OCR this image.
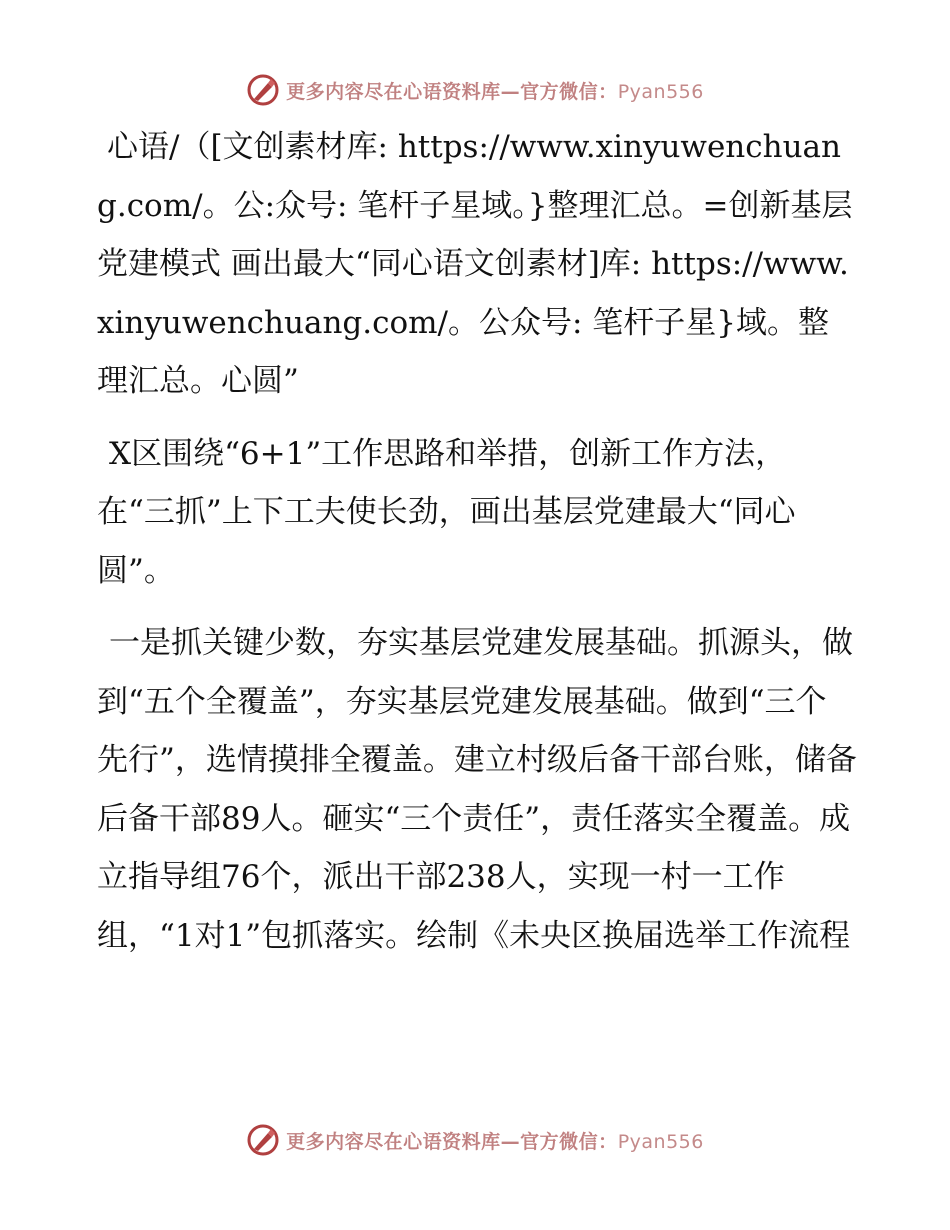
更多内容尽在心语资料库—官方微信：Pyan556

心语/（[文创素材库: https://www.xinyuwenchuang.com/。公:众号: 笔杆子星域。}整理汇总。=创新基层党建模式 画出最大“同心语文创素材]库: https://www.xinyuwenchuang.com/。公众号: 笔杆子星}域。整理汇总。心圆”

X区围绕“6+1”工作思路和举措，创新工作方法，在“三抓”上下工夫使长劲，画出基层党建最大“同心圆”。

一是抓关键少数，夯实基层党建发展基础。抓源头，做到“五个全覆盖”，夯实基层党建发展基础。做到“三个先行”，选情摸排全覆盖。建立村级后备干部台账，储备后备干部89人。砸实“三个责任”，责任落实全覆盖。成立指导组76个，派出干部238人，实现一村一工作组，“1对1”包抓落实。绘制《未央区换届选举工作流程

更多内容尽在心语资料库—官方微信：Pyan556
